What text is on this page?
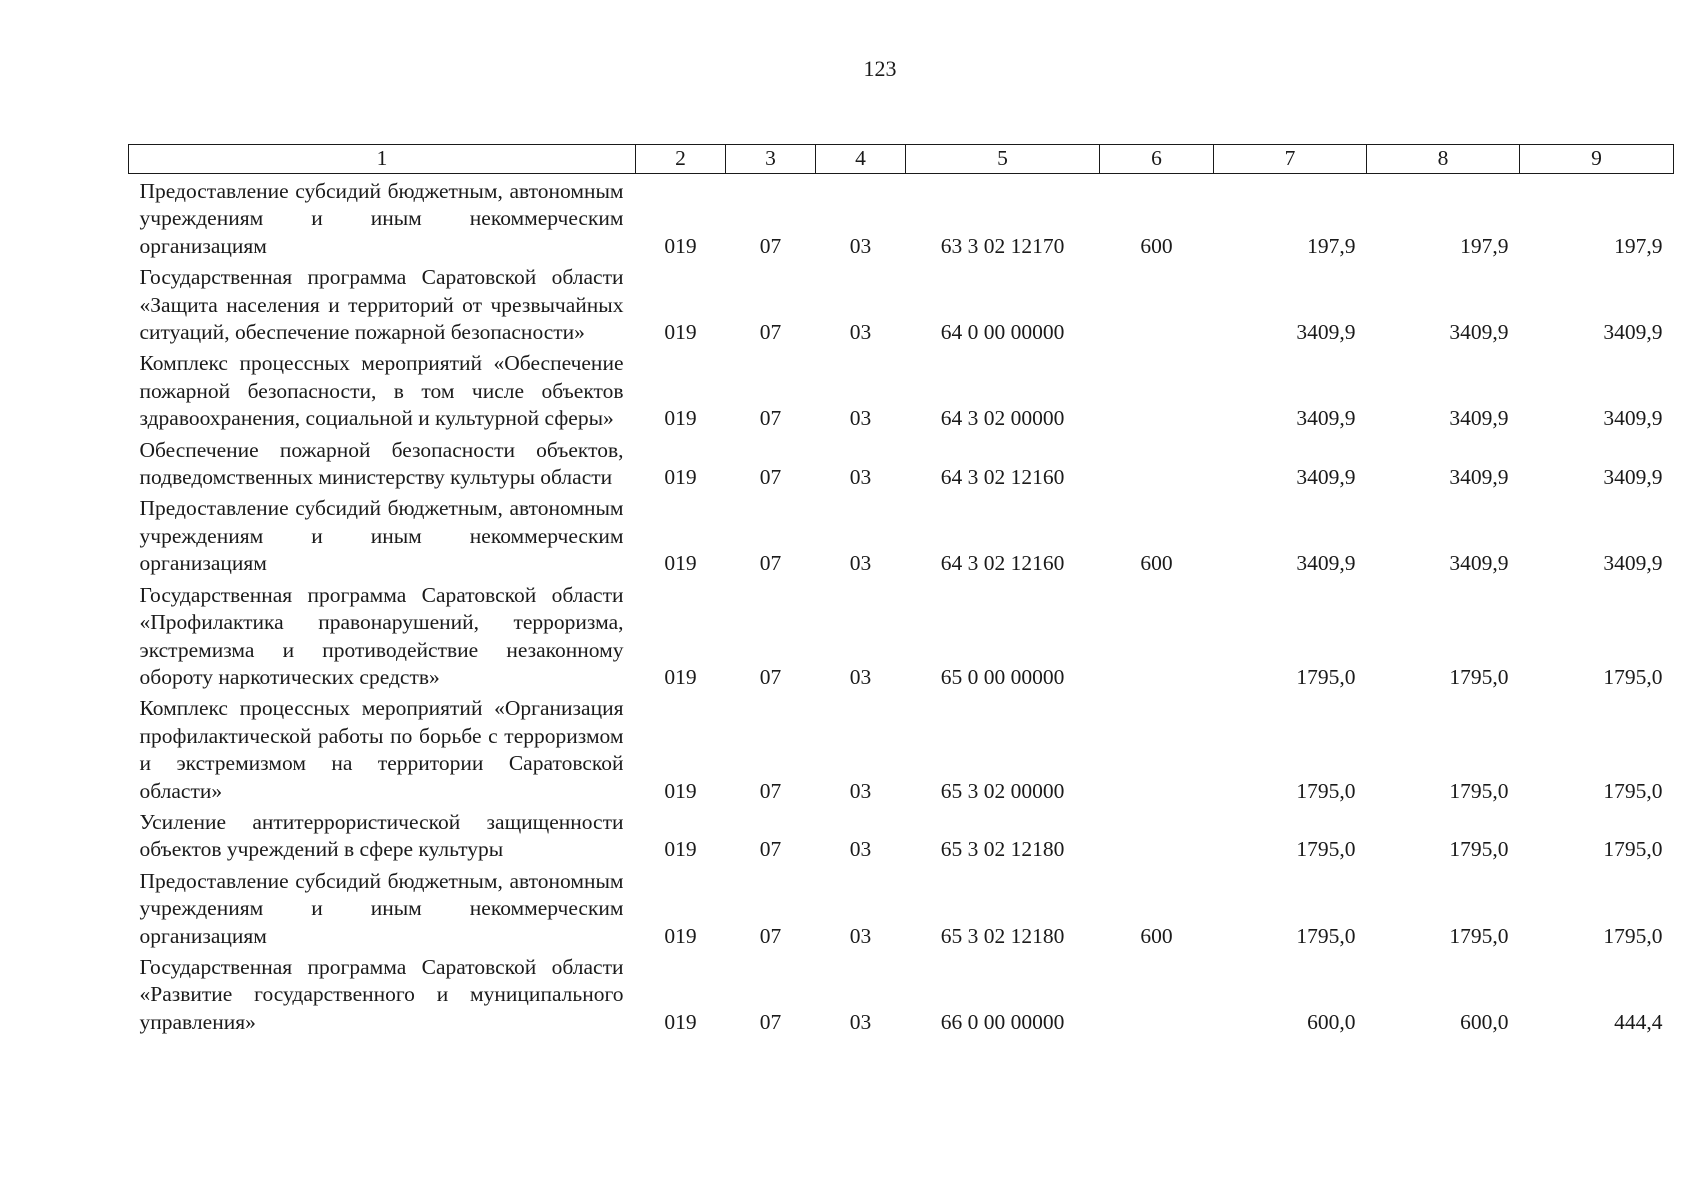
123
1	2	3	4	5	6	7	8	9
Предоставление субсидий бюджетным, автономным учреждениям и иным некоммерческим организациям	019	07	03	63 3 02 12170	600	197,9	197,9	197,9
Государственная программа Саратовской области «Защита населения и территорий от чрезвычайных ситуаций, обеспечение пожарной безопасности»	019	07	03	64 0 00 00000		3409,9	3409,9	3409,9
Комплекс процессных мероприятий «Обеспечение пожарной безопасности, в том числе объектов здравоохранения, социальной и культурной сферы»	019	07	03	64 3 02 00000		3409,9	3409,9	3409,9
Обеспечение пожарной безопасности объектов, подведомственных министерству культуры области	019	07	03	64 3 02 12160		3409,9	3409,9	3409,9
Предоставление субсидий бюджетным, автономным учреждениям и иным некоммерческим организациям	019	07	03	64 3 02 12160	600	3409,9	3409,9	3409,9
Государственная программа Саратовской области «Профилактика правонарушений, терроризма, экстремизма и противодействие незаконному обороту наркотических средств»	019	07	03	65 0 00 00000		1795,0	1795,0	1795,0
Комплекс процессных мероприятий «Организация профилактической работы по борьбе с терроризмом и экстремизмом на территории Саратовской области»	019	07	03	65 3 02 00000		1795,0	1795,0	1795,0
Усиление антитеррористической защищенности объектов учреждений в сфере культуры	019	07	03	65 3 02 12180		1795,0	1795,0	1795,0
Предоставление субсидий бюджетным, автономным учреждениям и иным некоммерческим организациям	019	07	03	65 3 02 12180	600	1795,0	1795,0	1795,0
Государственная программа Саратовской области «Развитие государственного и муниципального управления»	019	07	03	66 0 00 00000		600,0	600,0	444,4
